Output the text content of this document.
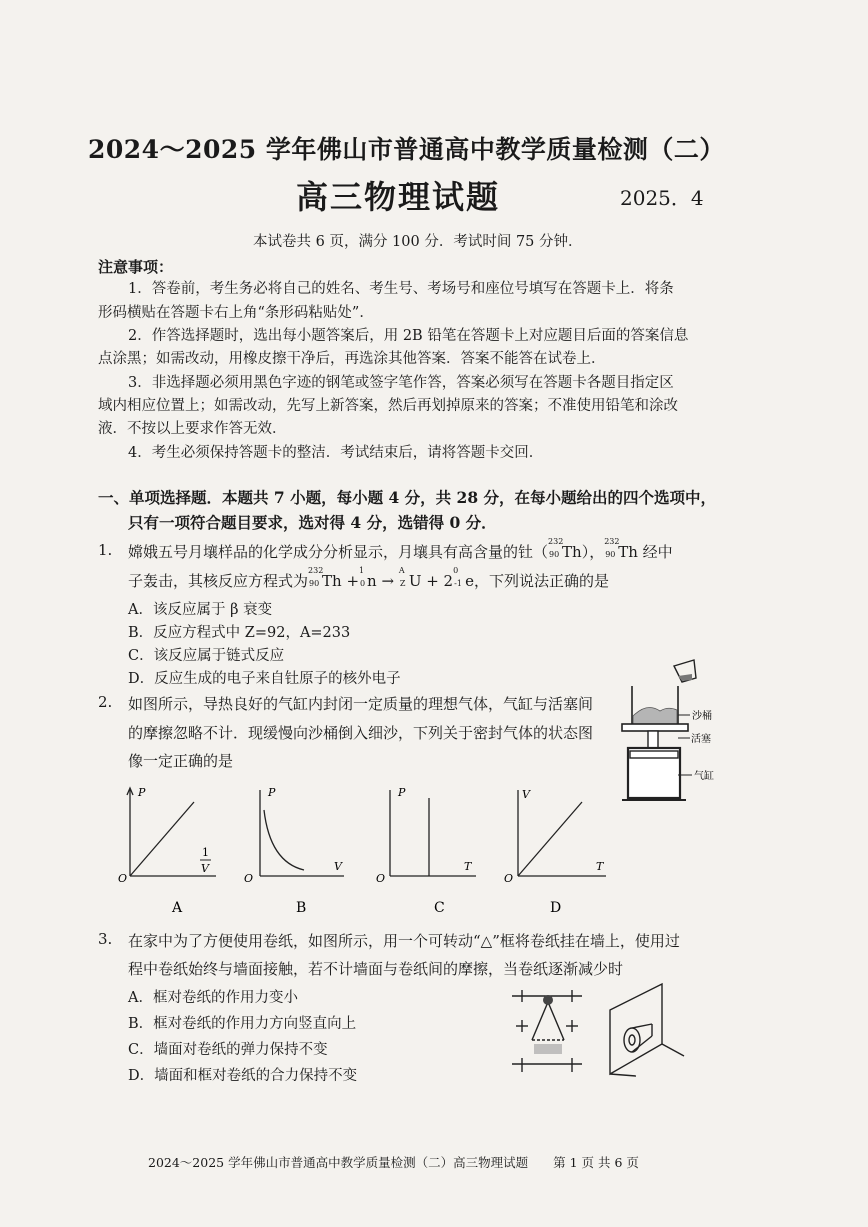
2024～2025 学年佛山市普通高中教学质量检测（二）
高三物理试题	2025．4
本试卷共 6 页，满分 100 分．考试时间 75 分钟．
注意事项：
1．答卷前，考生务必将自己的姓名、考生号、考场号和座位号填写在答题卡上．将条
形码横贴在答题卡右上角“条形码粘贴处”．
2．作答选择题时，选出每小题答案后，用 2B 铅笔在答题卡上对应题目后面的答案信息
点涂黑；如需改动，用橡皮擦干净后，再选涂其他答案．答案不能答在试卷上．
3．非选择题必须用黑色字迹的钢笔或签字笔作答，答案必须写在答题卡各题目指定区
域内相应位置上；如需改动，先写上新答案，然后再划掉原来的答案；不准使用铅笔和涂改
液．不按以上要求作答无效．
4．考生必须保持答题卡的整洁．考试结束后，请将答题卡交回．
一、单项选择题．本题共 7 小题，每小题 4 分，共 28 分，在每小题给出的四个选项中，
只有一项符合题目要求，选对得 4 分，选错得 0 分．
1. 嫦娥五号月壤样品的化学成分分析显示，月壤具有高含量的钍（
232
90 Th），
232
90 Th 经中
子轰击，其核反应方程式为
232
90 Th +
1
0 n →
A
Z U + 2
0
-1 e，下列说法正确的是
A．该反应属于 β 衰变
B．反应方程式中 Z=92，A=233
C．该反应属于链式反应
D．反应生成的电子来自钍原子的核外电子
2. 如图所示，导热良好的气缸内封闭一定质量的理想气体，气缸与活塞间
的摩擦忽略不计．现缓慢向沙桶倒入细沙，下列关于密封气体的状态图
像一定正确的是
沙桶
活塞
气缸
P
O
1
V
A
P
O
V
B
P
O
T
C
V
O
T
D
3. 在家中为了方便使用卷纸，如图所示，用一个可转动“△”框将卷纸挂在墙上，使用过
程中卷纸始终与墙面接触，若不计墙面与卷纸间的摩擦，当卷纸逐渐减少时
A．框对卷纸的作用力变小
B．框对卷纸的作用力方向竖直向上
C．墙面对卷纸的弹力保持不变
D．墙面和框对卷纸的合力保持不变
2024～2025 学年佛山市普通高中教学质量检测（二）高三物理试题　　第 1 页 共 6 页
